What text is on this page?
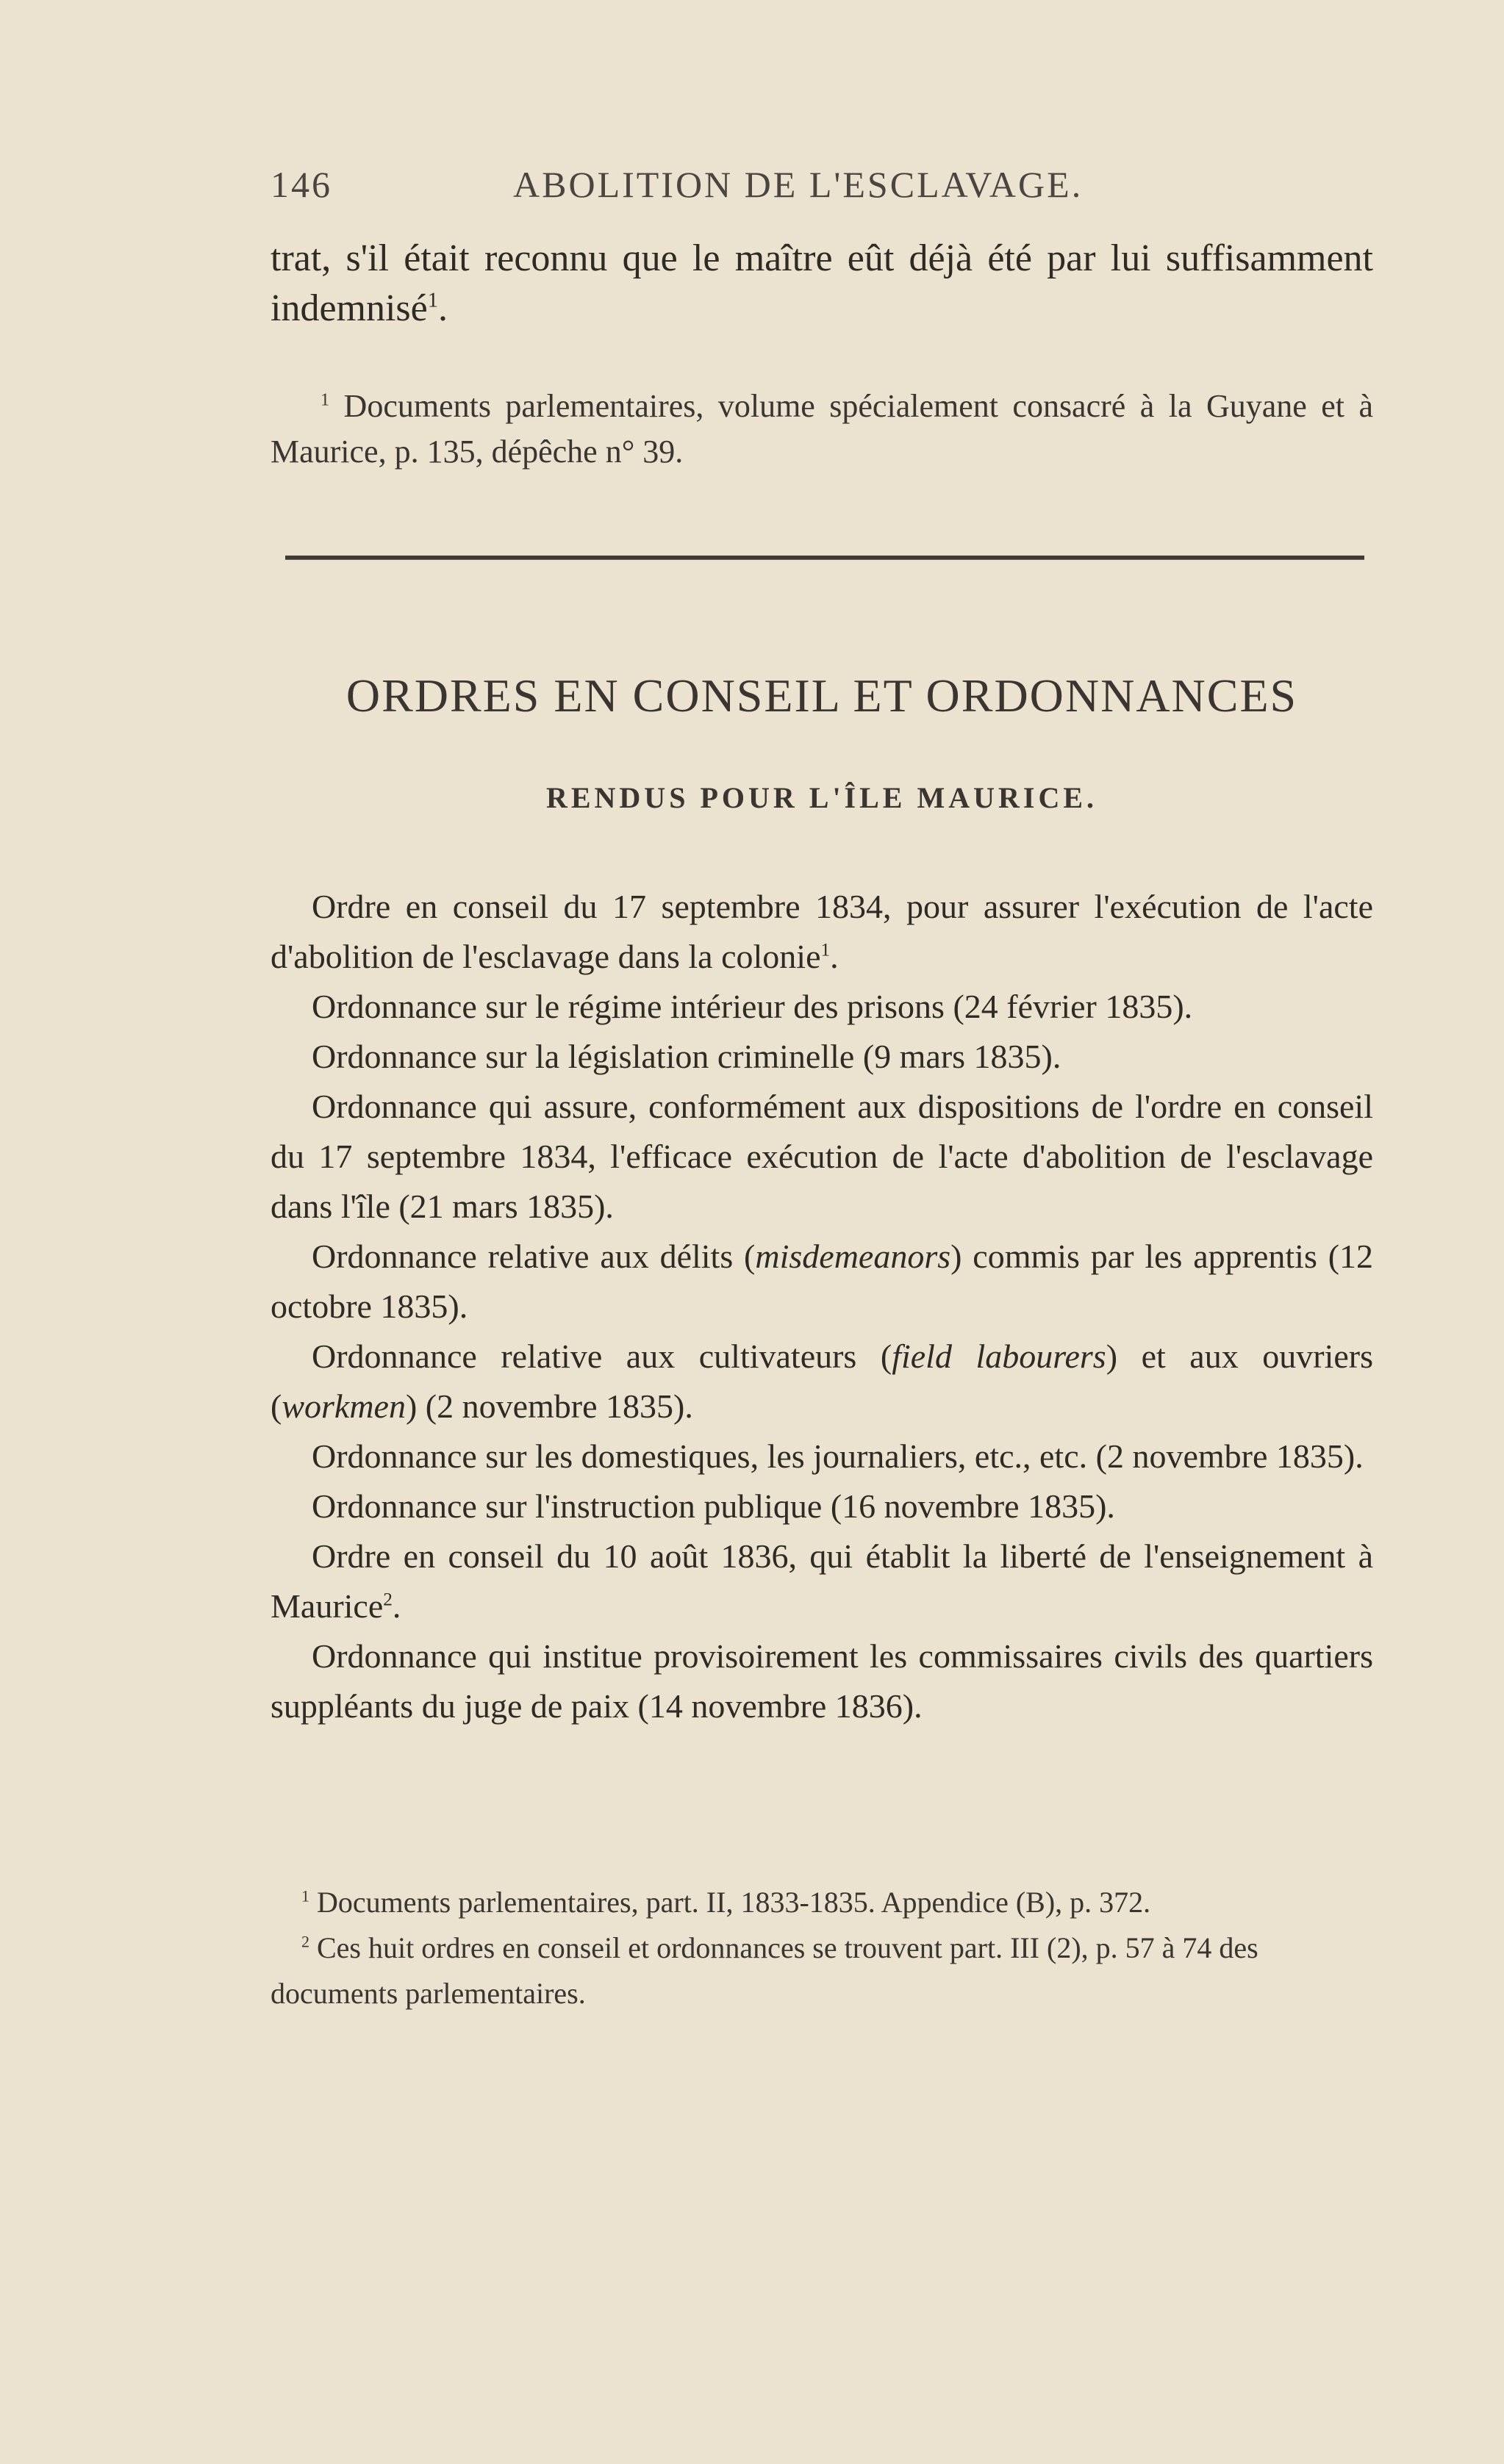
146	ABOLITION DE L'ESCLAVAGE.

trat, s'il était reconnu que le maître eût déjà été par lui suffisamment indemnisé$^1$.

$^1$ Documents parlementaires, volume spécialement consacré à la Guyane et à Maurice, p. 135, dépêche n° 39.

ORDRES EN CONSEIL ET ORDONNANCES
RENDUS POUR L'ÎLE MAURICE.

Ordre en conseil du 17 septembre 1834, pour assurer l'exécution de l'acte d'abolition de l'esclavage dans la colonie$^1$.

Ordonnance sur le régime intérieur des prisons (24 février 1835).

Ordonnance sur la législation criminelle (9 mars 1835).

Ordonnance qui assure, conformément aux dispositions de l'ordre en conseil du 17 septembre 1834, l'efficace exécution de l'acte d'abolition de l'esclavage dans l'île (21 mars 1835).

Ordonnance relative aux délits (misdemeanors) commis par les apprentis (12 octobre 1835).

Ordonnance relative aux cultivateurs (field labourers) et aux ouvriers (workmen) (2 novembre 1835).

Ordonnance sur les domestiques, les journaliers, etc., etc. (2 novembre 1835).

Ordonnance sur l'instruction publique (16 novembre 1835).

Ordre en conseil du 10 août 1836, qui établit la liberté de l'enseignement à Maurice$^2$.

Ordonnance qui institue provisoirement les commissaires civils des quartiers suppléants du juge de paix (14 novembre 1836).

$^1$ Documents parlementaires, part. II, 1833-1835. Appendice (B), p. 372.

$^2$ Ces huit ordres en conseil et ordonnances se trouvent part. III (2), p. 57 à 74 des documents parlementaires.
